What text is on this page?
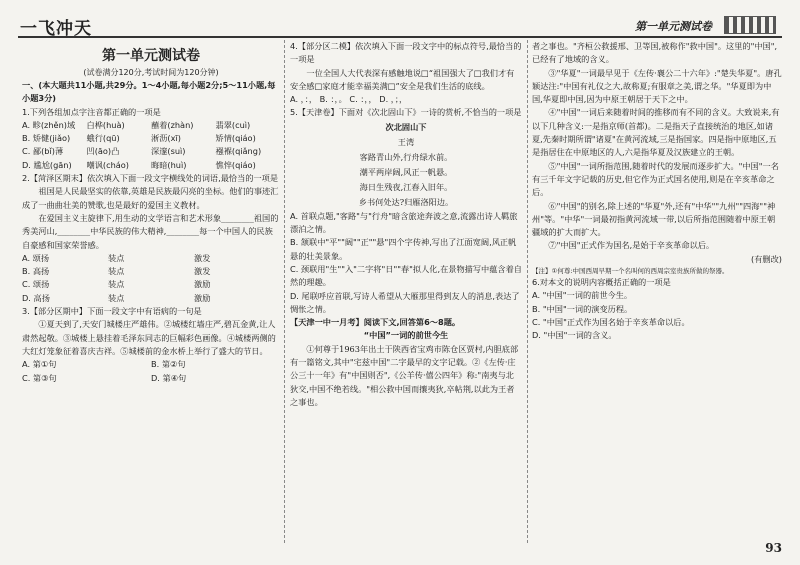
一飞冲天	第一单元测试卷
第一单元测试卷
(试卷满分120分,考试时间为120分钟)
一、(本大题共11小题,共29分。1～4小题,每小题2分;5～11小题,每小题3分)
1.下列各组加点字注音都正确的一项是
A. 畛(zhěn)域	白桦(huà)	蘸着(zhàn)	翡翠(cuì)
B. 矫健(jiǎo)	蛾行(qū)	淅沥(xī)	矫情(qiáo)
C. 鄙(bǐ)薄	凹(āo)凸	深邃(suì)	襁褓(qiǎng)
D. 尴尬(gān)	嘲讽(cháo)	晦暗(huì)	憔悴(qiáo)
2.【菏泽区期末】依次填入下面一段文字横线处的词语,最恰当的一项是
祖国是人民最坚实的依靠,英雄是民族最闪亮的坐标。他们的事迹汇成了一曲曲壮美的赞歌,也是最好的爱国主义教材。
在爱国主义主旋律下,用生动的文学语言和艺术形象________祖国的秀美河山,________中华民族的伟大精神,________每一个中国人的民族自豪感和国家荣誉感。
A. 颂扬	装点	激发
B. 高扬	装点	激发
C. 颂扬	装点	激励
D. 高扬	装点	激励
3.【部分区期中】下面一段文字中有语病的一句是
①夏天到了,天安门城楼庄严雄伟。②城楼红墙庄严,碧瓦金黄,让人肃然起敬。③城楼上悬挂着毛泽东同志的巨幅彩色画像。④城楼两侧的大红灯笼象征着喜庆吉祥。⑤城楼前的金水桥上举行了盛大的节日。
A. 第①句	B. 第②句
C. 第③句	D. 第④句
4.【部分区二模】依次填入下面一段文字中的标点符号,最恰当的一项是
一位全国人大代表深有感触地说□“祖国强大了□我们才有安全感□家庭才能幸福美满□”安全是我们生活的底线。
A. ，：， B. ：，。 C. ：，， D. ，；，
5.【天津卷】下面对《次北固山下》一诗的赏析,不恰当的一项是
次北固山下
王湾
客路青山外,行舟绿水前。
潮平两岸阔,风正一帆悬。
海日生残夜,江春入旧年。
乡书何处达?归雁洛阳边。
A. 首联点题,"客路"与"行舟"暗含旅途奔波之意,流露出诗人羁旅漂泊之情。
B. 颔联中"平""阔""正""悬"四个字传神,写出了江面宽阔,风正帆悬的壮美景象。
C. 颈联用"生""入"二字将"日""春"拟人化,在景物描写中蕴含着自然的理趣。
D. 尾联呼应首联,写诗人希望从大雁那里得到友人的消息,表达了惆怅之情。
【天津一中一月考】阅读下文,回答第6～8题。
“中国”一词的前世今生
①何尊于1963年出土于陕西省宝鸡市陈仓区贾村,内胆底部有一篇铭文,其中"宅兹中国"二字最早的文字记载。②《左传·庄公三十一年》有"中国则否",《公羊传·僖公四年》称:"南夷与北狄交,中国不绝若线。"相公救中国而攘夷狄,卒帖荆,以此为王者之事也。
者之事也。"齐桓公救援邢、卫等国,被称作"救中国"。这里的"中国",已经有了地域的含义。
③"华夏"一词最早见于《左传·襄公二十六年》:"楚失华夏"。唐孔颖达注:"中国有礼仪之大,故称夏;有服章之美,谓之华。"华夏即为中国,华夏即中国,因为中原王朝居于天下之中。
④"中国"一词后来随着时间的推移而有不同的含义。大致说来,有以下几种含义:一是指京师(首都)。二是指天子直接统治的地区,如诸夏,先秦时期所谓"诸夏"在黄河流域,三是指国家。四是指中原地区,五是指居住在中原地区的人,六是指华夏及汉族建立的王朝。
⑤"中国"一词所指范围,随着时代的发展而逐步扩大。"中国"一名有三千年文字记载的历史,但它作为正式国名使用,则是在辛亥革命之后。
⑥"中国"的别名,除上述的"华夏"外,还有"中华""九州""四海""神州"等。"中华"一词最初指黄河流域一带,以后所指范围随着中原王朝疆域的扩大而扩大。
⑦"中国"正式作为国名,是始于辛亥革命以后。
(有删改)
【注】①何尊:中国西周早期一个名叫何的西周宗室贵族所做的祭器。
6.对本文的说明内容概括正确的一项是
A. "中国"一词的前世今生。
B. "中国"一词的演变历程。
C. "中国"正式作为国名始于辛亥革命以后。
D. "中国"一词的含义。
93
